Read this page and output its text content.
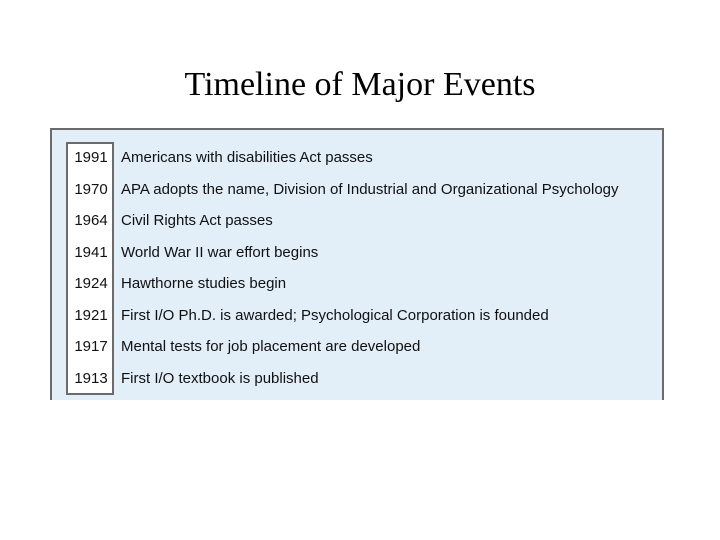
Timeline of Major Events
1991 Americans with disabilities Act passes
1970 APA adopts the name, Division of Industrial and Organizational Psychology
1964 Civil Rights Act passes
1941 World War II war effort begins
1924 Hawthorne studies begin
1921 First I/O Ph.D. is awarded; Psychological Corporation is founded
1917 Mental tests for job placement are developed
1913 First I/O textbook is published
